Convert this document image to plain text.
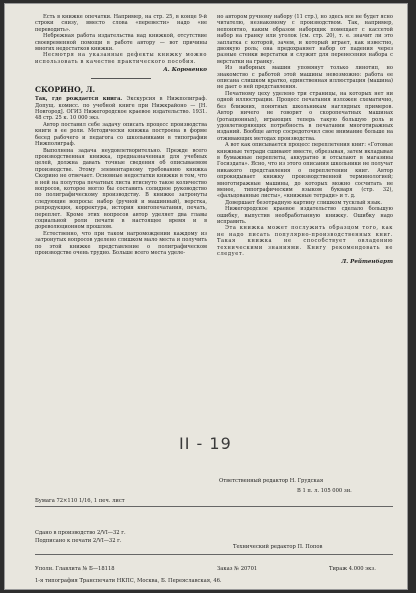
Есть в книжке опечатки. Например, на стр. 25, в конце 9-й строки снизу, вместо слова «перевести» надо «не переводить».

Небрежная работа издательства над книжкой, отсутствие своевременной помощи в работе автору — вот причины многих недостатков книжки.

Несмотря на указанные дефекты книжку можно использовать в качестве практического пособия.

А. Коровенко
СКОРИНО, Л.

Так, где рождается книга. Экскурсия в Нижполиграф. Допущ. комисс. по учебной книге при Нижкрайоно — [Н. Новгород]. ОГИЗ Нижегородское краевое издательство. 1931. 48 стр. 25 к. 10 000 экз.

Автор поставил себе задачу описать процесс производства книги в ее роли. Методически книжка построена в форме бесед рабочего и педагога со школьниками в типографии Нижполиграф.

Выполнена задача неудовлетворительно. Прежде всего производственная книжка, предназначенная для учебных целей, должна давать точные сведения об описываемом производстве. Этому элементарному требованию книжка Скорино не отвечает. Основные недостатки книжки в том, что в ней на полутора печатных листа втиснуто такое количество вопросов, которое могло бы составить солидное руководство по полиграфическому производству. В книжке затронуты следующие вопросы: набор (ручной и машинный), верстка, репродукция, корректура, история книгопечатания, печать, переплет. Кроме этих вопросов автор уделяет два главы социальной роли печати в настоящее время и в дореволюционном прошлом.

Естественно, что при таком нагромождении каждому из затронутых вопросов уделено слишком мало места и получить по этой книжке представление о полиграфическом производстве очень трудно. Больше всего места уделе-

но автором ручному набору (11 стр.), но здесь все не будет ясно читателю, незнакомому с производством. Так, например, непонятно, каким образом наборщик помещает с кассетой набор на гранку или уголок (см. стр. 20), т. е. значит ли это заплатка с которой, зачем, и который играет, как известно, двоякую роль; она предохраняет набор от падения через разные стенки верстатки и служит для перенесения набора с верстатки на гранку.

Из наборных машин упомянут только линотип, но знакомство с работой этой машины невозможно: работа ее описана слишком кратко, единственная иллюстрация (машина) не дает о ней представления.

Печатному цеху уделено три страницы, на которых нет ни одной иллюстрации. Процесс печатания изложен схематично, без ближних, понятных школьникам наглядных примеров. Автор ничего не говорит о скоропечатных машинах (ротационных), играющих теперь такую большую роль и удовлетворяющих потребность в печатании многотиражных изданий. Вообще автор сосредоточил свое внимание больше на отживающих методах производства.

А вот как описывается процесс переплетения книг: «Готовые книжные тетради сшивают вместе, обрезывая, затем вкладывая в бумажные переплеты, аккуратно и отсылают в магазины Госиздата». Ясно, что из этого описания школьники не получат никакого представления о переплетении книг. Автор опрокидывает книжку производственной терминологией; многотиражные машины, до которых можно сосчитать не менее, типографическим языком букваря (стр. 32), «фальцованные листы», «книжные тетради» и т. д.

Довершает безотрадную картину слишком тусклый язык.

Нижегородское краевое издательство сделало большую ошибку, выпустив необработанную книжку. Ошибку надо исправить.

Эта книжка может послужить образцом того, как не надо писать популярно-производственных книг. Такая книжка не способствует овладению техническими знаниями. Книгу рекомендовать не следует.

Л. Рейтенбарт
II - 19
Ответственный редактор Н. Грудская
В 1 п. л. 105 000 зн.
Бумага 72×110 1/16, 1 печ. лист
Сдано в производство 2/VI—32 г.
Подписано к печати 2/VI—32 г.
Технический редактор П. Попов
Уполн. Главлита № Б—18118	Заказ № 20701	Тираж 4.000 экз.
1-я типография Транспечати НКПС, Москва, Б. Переяславская, 46.
